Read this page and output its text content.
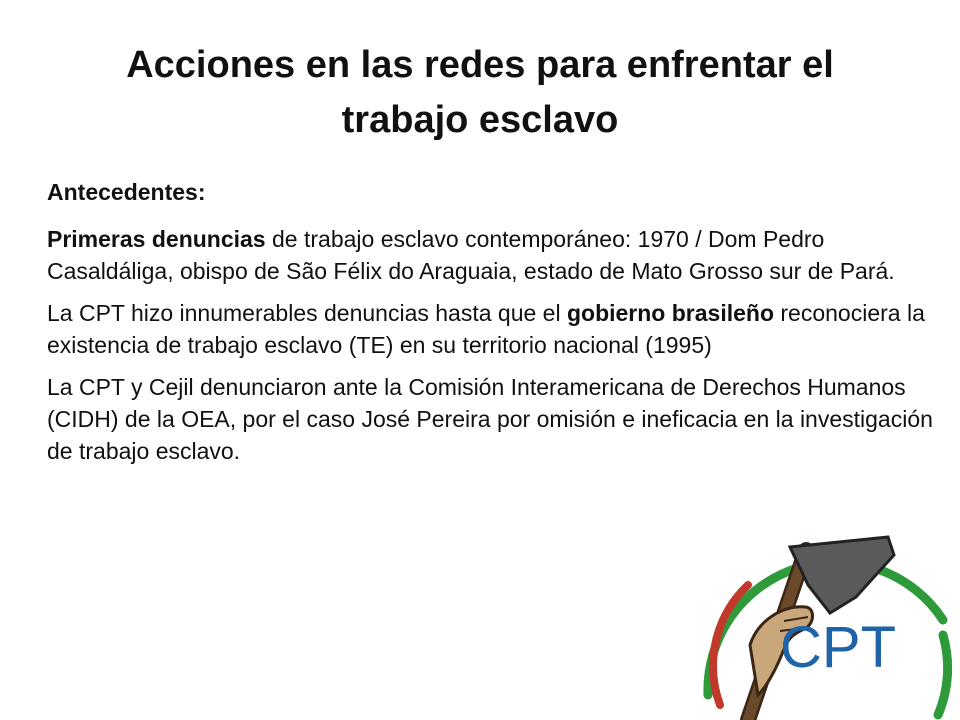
Acciones en las redes para enfrentar el
trabajo esclavo

Antecedentes:

Primeras denuncias de trabajo esclavo contemporáneo: 1970 / Dom Pedro Casaldáliga, obispo de São Félix do Araguaia, estado de Mato Grosso sur de Pará.

La CPT hizo innumerables denuncias hasta que el gobierno brasileño reconociera la existencia de trabajo esclavo (TE) en su territorio nacional (1995)

La CPT y Cejil denunciaron ante la Comisión Interamericana de Derechos Humanos (CIDH) de la OEA, por el caso José Pereira por omisión e ineficacia en la investigación de trabajo esclavo.

CPT
